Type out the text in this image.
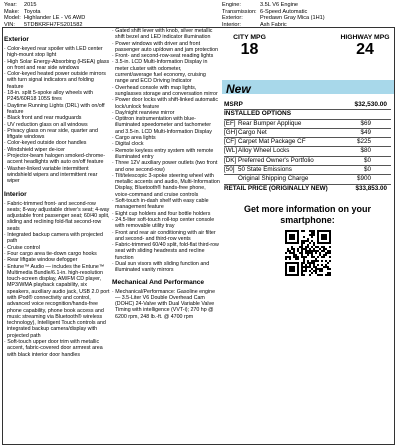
Year: 2015
Make: Toyota
Model: Highlander LE - V6 AWD
VIN: 5TDBKRFH7FS201582
Engine:	3.5L V6 Engine
Transmission: 6-Speed Automatic
Exterior:	Predawn Gray Mica (1H1)
Interior:	Ash Fabric
Exterior
· Color-keyed rear spoiler with LED center high-mount stop light
· High Solar Energy-Absorbing (HSEA) glass on front and rear side windows
· Color-keyed heated power outside mirrors with turn signal indicators and folding feature
· 18-in. split 5-spoke alloy wheels with P245/60R18 105S tires
· Daytime Running Lights (DRL) with on/off feature
· Black front and rear mudguards
· UV reduction glass on all windows
· Privacy glass on rear side, quarter and liftgate windows
· Color-keyed outside door handles
· Windshield wiper de-icer
· Projector-beam halogen smoked-chrome-accent headlights with auto on/off feature
· Washer-linked variable intermittent windshield wipers and intermittent rear wiper
Interior
· Fabric-trimmed front- and second-row seats; 8-way adjustable driver's seat; 4-way adjustable front passenger seat; 60/40 split, sliding and reclining fold-flat second-row seats
· Integrated backup camera with projected path
· Cruise control
· Four cargo area tie-down cargo hooks
· Rear liftgate window defogger
· Entune™ Audio — includes the Entune™ Multimedia Bundle/6.1-in. high-resolution touch-screen display, AM/FM CD player, MP3/WMA playback capability, six speakers, auxiliary audio jack, USB 2.0 port with iPod® connectivity and control, advanced voice recognition/hands-free phone capability, phone book access and music streaming via Bluetooth® wireless technology), Intelligent Touch controls and integrated backup camera/display with projected path
· Soft-touch upper door trim with metallic accent, fabric-covered door armrest area with black interior door handles
· Gated shift lever with knob, silver metallic shift bezel and LED indicator illumination
· Power windows with driver and front passenger auto up/down and jam protection
· Front- and second-row-seat reading lights
· 3.5-in. LCD Multi-Information Display in meter cluster with odometer, current/average fuel economy, cruising range and ECO Driving Indicator
· Overhead console with map lights, sunglasses storage and conversation mirror
· Power door locks with shift-linked automatic lock/unlock feature
· Day/night rearview mirror
· Optitron instrumentation with blue-illuminated speedometer and tachometer and 3.5-in. LCD Multi-Information Display
· Cargo area lights
· Digital clock
· Remote keyless entry system with remote illuminated entry
· Three 12V auxiliary power outlets (two front and one second-row)
· Tilt/telescopic 3-spoke steering wheel with metallic accents and audio, Multi-Information Display, Bluetooth® hands-free phone, voice-command and cruise controls
· Soft-touch in-dash shelf with easy cable management feature
· Eight cup holders and four bottle holders
· 24.5-liter soft-touch roll-top center console with removable utility tray
· Front and rear air conditioning with air filter and second- and third-row vents
· Fabric-trimmed 60/40 split, fold-flat third-row seat with sliding headrests and recline function
· Dual sun visors with sliding function and illuminated vanity mirrors
Mechanical And Performance
· Mechanical/Performance: Gasoline engine — 3.5-Liter V6 Double Overhead Cam (DOHC) 24-Valve with Dual Variable Valve Timing with intelligence (VVT-i); 270 hp @ 6200 rpm, 248 lb.-ft. @ 4700 rpm
CITY MPG
18
HIGHWAY MPG
24
New
MSRP	$32,530.00
INSTALLED OPTIONS
[EF] Rear Bumper Applique	$69
[GH]Cargo Net	$49
[CF] Carpet Mat Package CF	$225
[WL]Alloy Wheel Locks	$80
[DK] Preferred Owner's Portfolio	$0
[50] 50 State Emissions	$0
Original Shipping Charge	$900
RETAIL PRICE (ORIGINALLY NEW)	$33,853.00
Get more information on your smartphone:
